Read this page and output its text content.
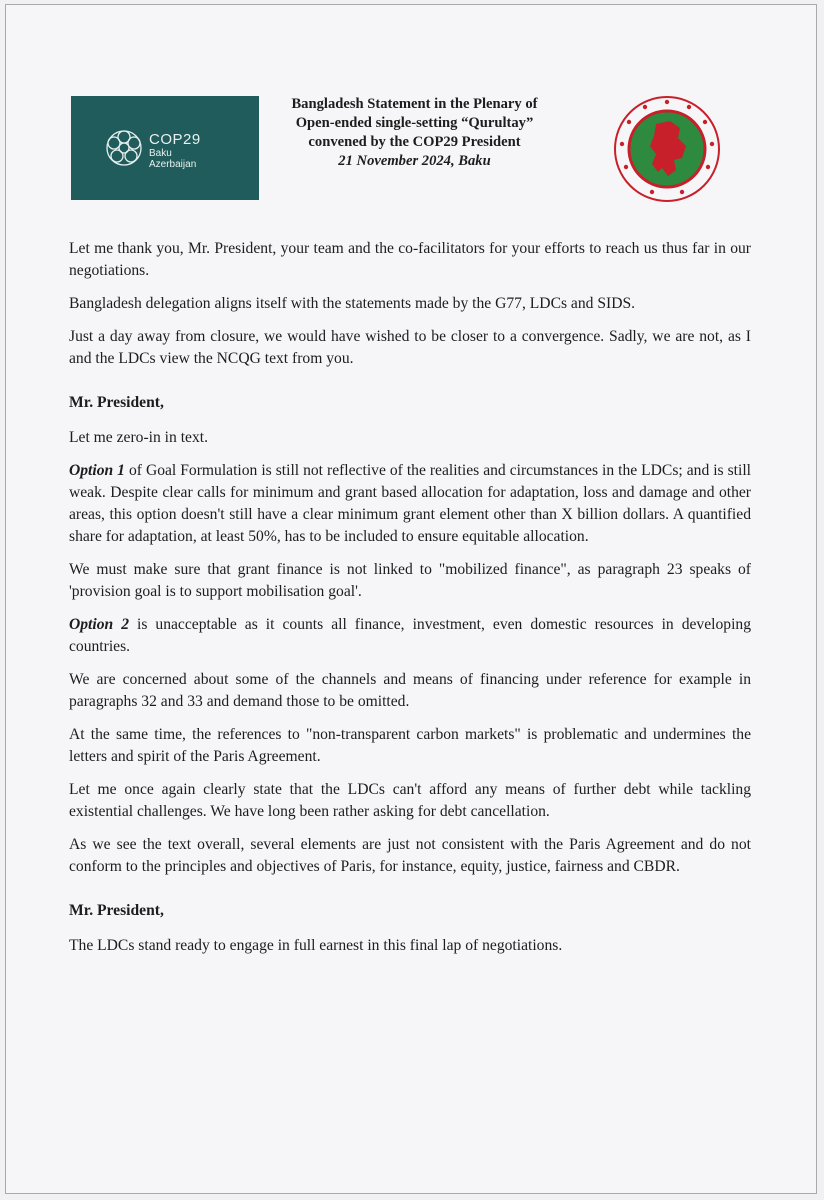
COP29
Baku
Azerbaijan
Bangladesh Statement in the Plenary of
Open-ended single-setting “Qurultay”
convened by the COP29 President
21 November 2024, Baku

Let me thank you, Mr. President, your team and the co-facilitators for your efforts to reach us thus far in our negotiations.

Bangladesh delegation aligns itself with the statements made by the G77, LDCs and SIDS.

Just a day away from closure, we would have wished to be closer to a convergence. Sadly, we are not, as I and the LDCs view the NCQG text from you.

Mr. President,

Let me zero-in in text.

Option 1 of Goal Formulation is still not reflective of the realities and circumstances in the LDCs; and is still weak. Despite clear calls for minimum and grant based allocation for adaptation, loss and damage and other areas, this option doesn't still have a clear minimum grant element other than X billion dollars. A quantified share for adaptation, at least 50%, has to be included to ensure equitable allocation.

We must make sure that grant finance is not linked to "mobilized finance", as paragraph 23 speaks of 'provision goal is to support mobilisation goal'.

Option 2 is unacceptable as it counts all finance, investment, even domestic resources in developing countries.

We are concerned about some of the channels and means of financing under reference for example in paragraphs 32 and 33 and demand those to be omitted.

At the same time, the references to "non-transparent carbon markets" is problematic and undermines the letters and spirit of the Paris Agreement.

Let me once again clearly state that the LDCs can't afford any means of further debt while tackling existential challenges. We have long been rather asking for debt cancellation.

As we see the text overall, several elements are just not consistent with the Paris Agreement and do not conform to the principles and objectives of Paris, for instance, equity, justice, fairness and CBDR.

Mr. President,

The LDCs stand ready to engage in full earnest in this final lap of negotiations.
